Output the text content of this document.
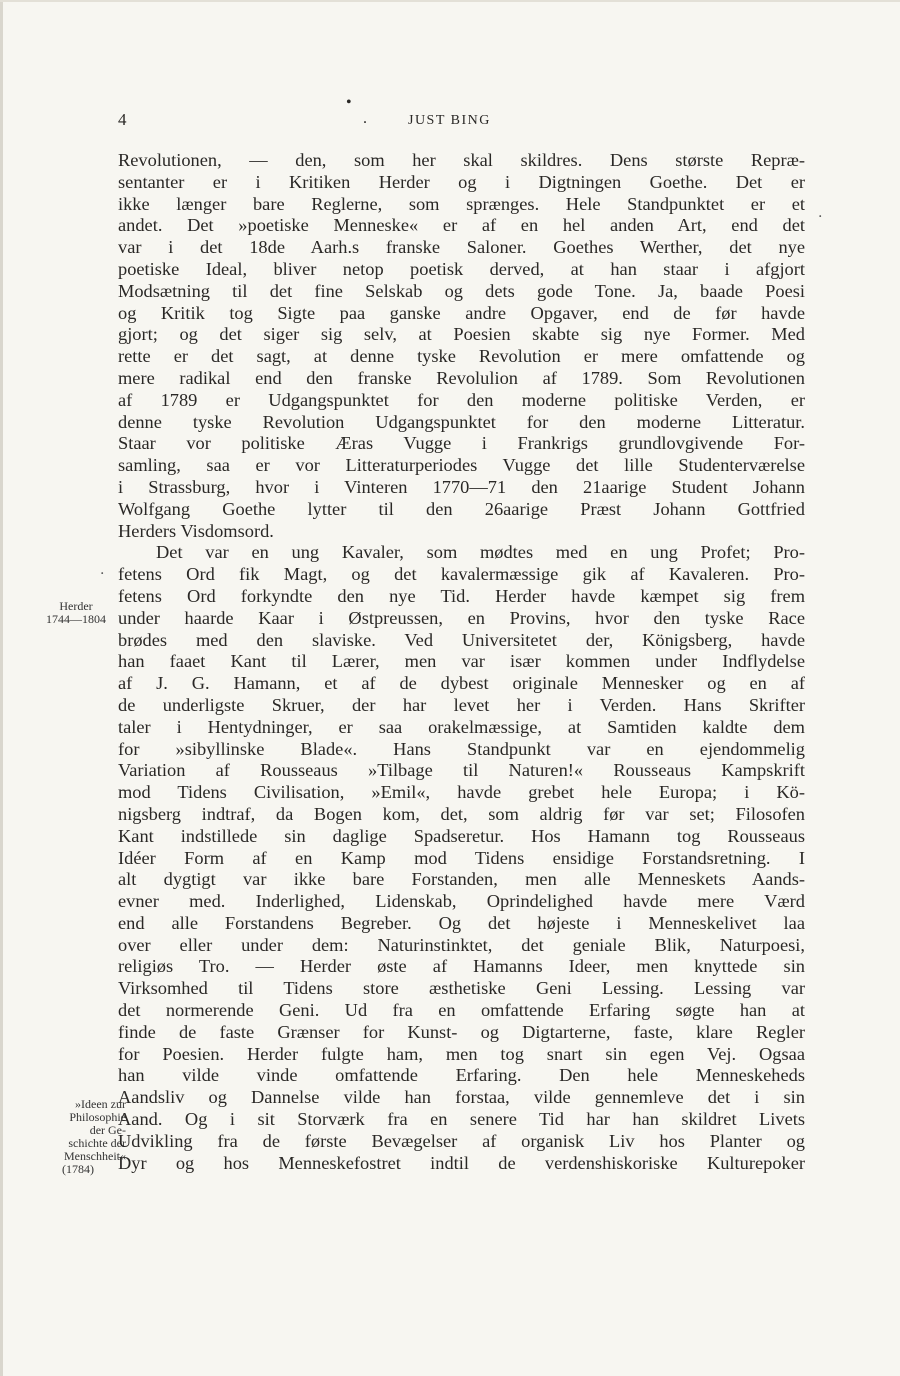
4
•
.	JUST BING
.
·
Herder
1744—1804
»Ideen zur
Philosophie
der Ge-
schichte der
Menschheit«
(1784)
Revolutionen, — den, som her skal skildres. Dens største Repræ-
sentanter er i Kritiken Herder og i Digtningen Goethe. Det er
ikke længer bare Reglerne, som sprænges. Hele Standpunktet er et
andet. Det »poetiske Menneske« er af en hel anden Art, end det
var i det 18de Aarh.s franske Saloner. Goethes Werther, det nye
poetiske Ideal, bliver netop poetisk derved, at han staar i afgjort
Modsætning til det fine Selskab og dets gode Tone. Ja, baade Poesi
og Kritik tog Sigte paa ganske andre Opgaver, end de før havde
gjort; og det siger sig selv, at Poesien skabte sig nye Former. Med
rette er det sagt, at denne tyske Revolution er mere omfattende og
mere radikal end den franske Revolulion af 1789. Som Revolutionen
af 1789 er Udgangspunktet for den moderne politiske Verden, er
denne tyske Revolution Udgangspunktet for den moderne Litteratur.
Staar vor politiske Æras Vugge i Frankrigs grundlovgivende For-
samling, saa er vor Litteraturperiodes Vugge det lille Studenterværelse
i Strassburg, hvor i Vinteren 1770—71 den 21aarige Student Johann
Wolfgang Goethe lytter til den 26aarige Præst Johann Gottfried
Herders Visdomsord.
Det var en ung Kavaler, som mødtes med en ung Profet; Pro-
fetens Ord fik Magt, og det kavalermæssige gik af Kavaleren. Pro-
fetens Ord forkyndte den nye Tid. Herder havde kæmpet sig frem
under haarde Kaar i Østpreussen, en Provins, hvor den tyske Race
brødes med den slaviske. Ved Universitetet der, Königsberg, havde
han faaet Kant til Lærer, men var især kommen under Indflydelse
af J. G. Hamann, et af de dybest originale Mennesker og en af
de underligste Skruer, der har levet her i Verden. Hans Skrifter
taler i Hentydninger, er saa orakelmæssige, at Samtiden kaldte dem
for »sibyllinske Blade«. Hans Standpunkt var en ejendommelig
Variation af Rousseaus »Tilbage til Naturen!« Rousseaus Kampskrift
mod Tidens Civilisation, »Emil«, havde grebet hele Europa; i Kö-
nigsberg indtraf, da Bogen kom, det, som aldrig før var set; Filosofen
Kant indstillede sin daglige Spadseretur. Hos Hamann tog Rousseaus
Idéer Form af en Kamp mod Tidens ensidige Forstandsretning. I
alt dygtigt var ikke bare Forstanden, men alle Menneskets Aands-
evner med. Inderlighed, Lidenskab, Oprindelighed havde mere Værd
end alle Forstandens Begreber. Og det højeste i Menneskelivet laa
over eller under dem: Naturinstinktet, det geniale Blik, Naturpoesi,
religiøs Tro. — Herder øste af Hamanns Ideer, men knyttede sin
Virksomhed til Tidens store æsthetiske Geni Lessing. Lessing var
det normerende Geni. Ud fra en omfattende Erfaring søgte han at
finde de faste Grænser for Kunst- og Digtarterne, faste, klare Regler
for Poesien. Herder fulgte ham, men tog snart sin egen Vej. Ogsaa
han vilde vinde omfattende Erfaring. Den hele Menneskeheds
Aandsliv og Dannelse vilde han forstaa, vilde gennemleve det i sin
Aand. Og i sit Storværk fra en senere Tid har han skildret Livets
Udvikling fra de første Bevægelser af organisk Liv hos Planter og
Dyr og hos Menneskefostret indtil de verdenshiskoriske Kulturepoker
